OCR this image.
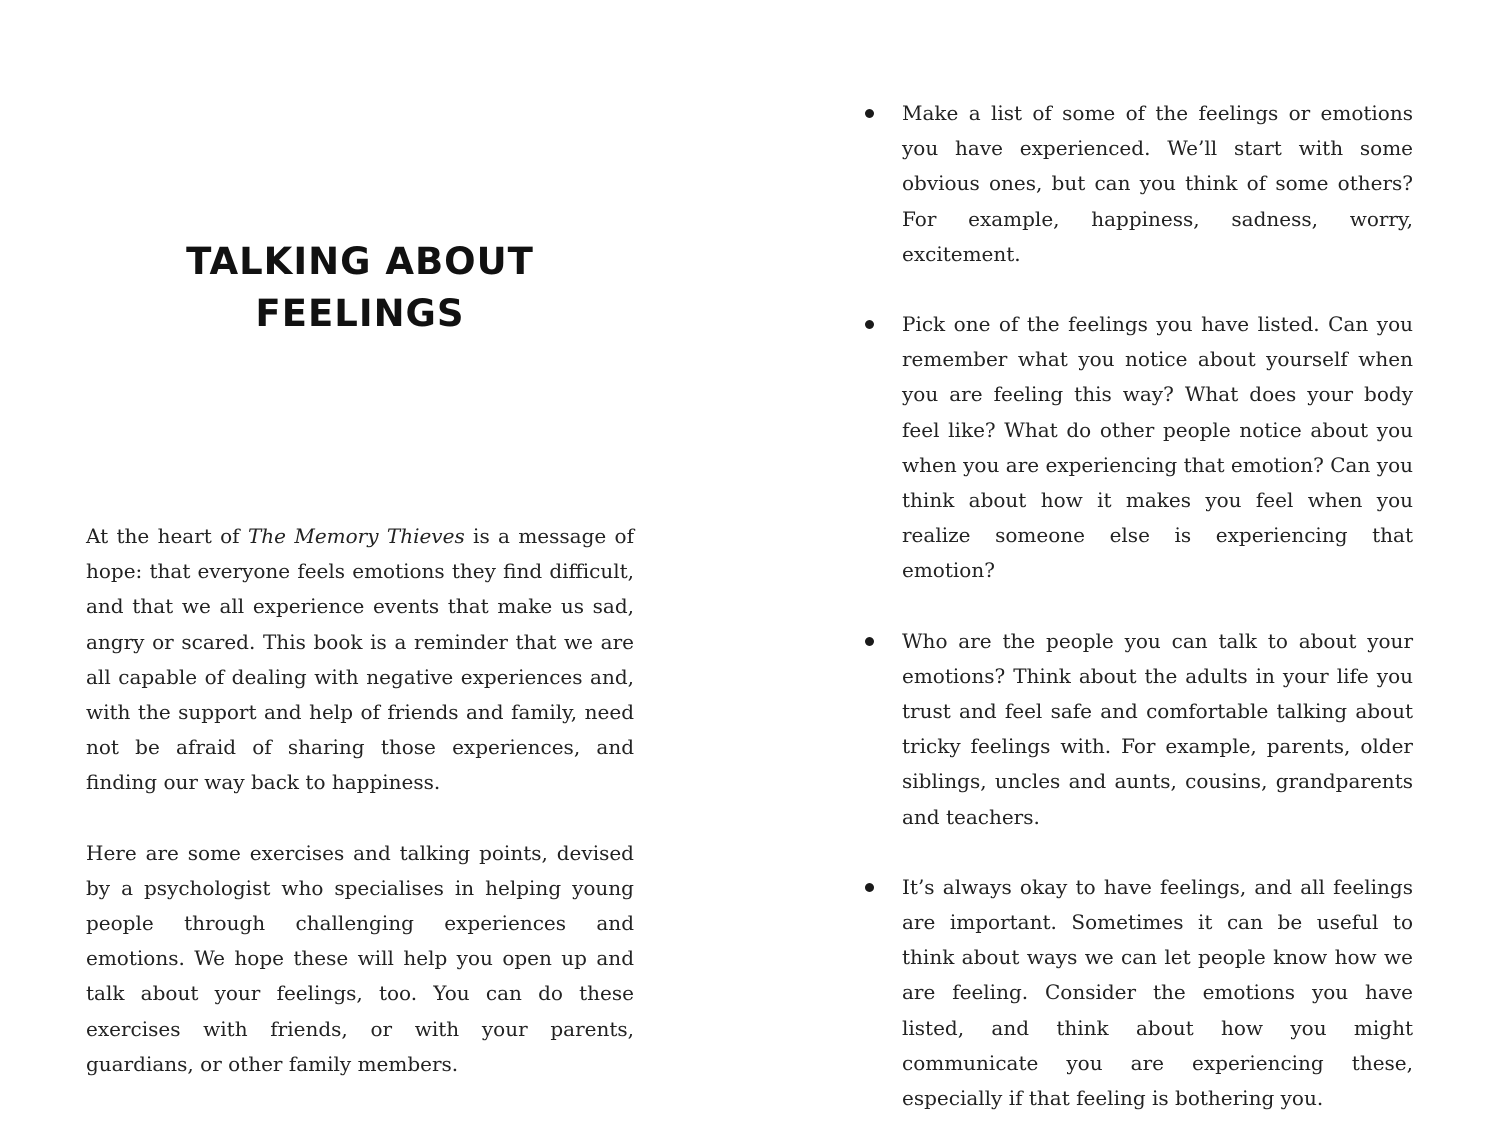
TALKING ABOUT
FEELINGS

At the heart of The Memory Thieves is a message of hope: that everyone feels emotions they find difficult, and that we all experience events that make us sad, angry or scared. This book is a reminder that we are all capable of dealing with negative experiences and, with the support and help of friends and family, need not be afraid of sharing those experiences, and finding our way back to happiness.

Here are some exercises and talking points, devised by a psychologist who specialises in helping young people through challenging experiences and emotions. We hope these will help you open up and talk about your feelings, too. You can do these exercises with friends, or with your parents, guardians, or other family members.

Make a list of some of the feelings or emotions you have experienced. We’ll start with some obvious ones, but can you think of some others? For example, happiness, sadness, worry, excitement.
Pick one of the feelings you have listed. Can you remember what you notice about yourself when you are feeling this way? What does your body feel like? What do other people notice about you when you are experiencing that emotion? Can you think about how it makes you feel when you realize someone else is experiencing that emotion?
Who are the people you can talk to about your emotions? Think about the adults in your life you trust and feel safe and comfortable talking about tricky feelings with. For example, parents, older siblings, uncles and aunts, cousins, grandparents and teachers.
It’s always okay to have feelings, and all feelings are important. Sometimes it can be useful to think about ways we can let people know how we are feeling. Consider the emotions you have listed, and think about how you might communicate you are experiencing these, especially if that feeling is bothering you.
